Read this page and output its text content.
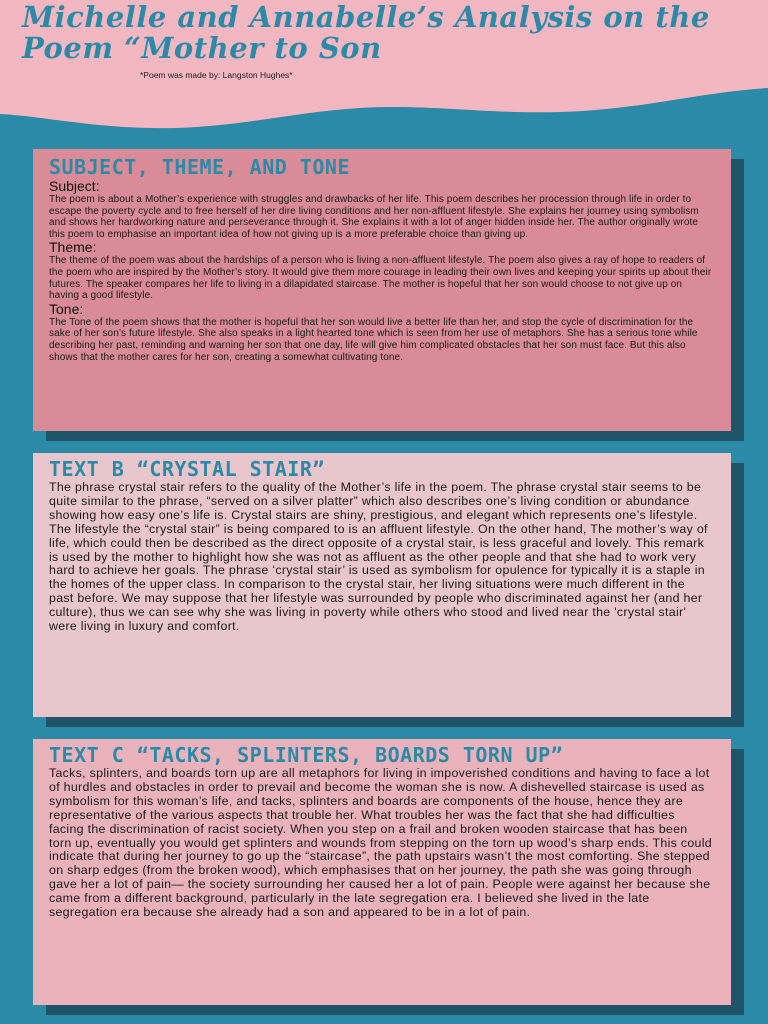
Michelle and Annabelle’s Analysis on the Poem “Mother to Son

*Poem was made by: Langston Hughes*

SUBJECT, THEME, AND TONE

Subject:

The poem is about a Mother’s experience with struggles and drawbacks of her life. This poem describes her procession through life in order to escape the poverty cycle and to free herself of her dire living conditions and her non-affluent lifestyle. She explains her journey using symbolism and shows her hardworking nature and perseverance through it. She explains it with a lot of anger hidden inside her. The author originally wrote this poem to emphasise an important idea of how not giving up is a more preferable choice than giving up.

Theme:

The theme of the poem was about the hardships of a person who is living a non-affluent lifestyle. The poem also gives a ray of hope to readers of the poem who are inspired by the Mother’s story. It would give them more courage in leading their own lives and keeping your spirits up about their futures. The speaker compares her life to living in a dilapidated staircase. The mother is hopeful that her son would choose to not give up on having a good lifestyle.

Tone:

The Tone of the poem shows that the mother is hopeful that her son would live a better life than her, and stop the cycle of discrimination for the sake of her son’s future lifestyle. She also speaks in a light hearted tone which is seen from her use of metaphors. She has a serious tone while describing her past, reminding and warning her son that one day, life will give him complicated obstacles that her son must face. But this also shows that the mother cares for her son, creating a somewhat cultivating tone.

TEXT B “CRYSTAL STAIR”

The phrase crystal stair refers to the quality of the Mother’s life in the poem. The phrase crystal stair seems to be quite similar to the phrase, “served on a silver platter” which also describes one’s living condition or abundance showing how easy one’s life is. Crystal stairs are shiny, prestigious, and elegant which represents one’s lifestyle. The lifestyle the “crystal stair” is being compared to is an affluent lifestyle. On the other hand, The mother’s way of life, which could then be described as the direct opposite of a crystal stair, is less graceful and lovely. This remark is used by the mother to highlight how she was not as affluent as the other people and that she had to work very hard to achieve her goals. The phrase ‘crystal stair’ is used as symbolism for opulence for typically it is a staple in the homes of the upper class. In comparison to the crystal stair, her living situations were much different in the past before. We may suppose that her lifestyle was surrounded by people who discriminated against her (and her culture), thus we can see why she was living in poverty while others who stood and lived near the 'crystal stair' were living in luxury and comfort.

TEXT C “TACKS, SPLINTERS, BOARDS TORN UP”

Tacks, splinters, and boards torn up are all metaphors for living in impoverished conditions and having to face a lot of hurdles and obstacles in order to prevail and become the woman she is now. A dishevelled staircase is used as symbolism for this woman’s life, and tacks, splinters and boards are components of the house, hence they are representative of the various aspects that trouble her. What troubles her was the fact that she had difficulties facing the discrimination of racist society. When you step on a frail and broken wooden staircase that has been torn up, eventually you would get splinters and wounds from stepping on the torn up wood’s sharp ends. This could indicate that during her journey to go up the “staircase”, the path upstairs wasn’t the most comforting. She stepped on sharp edges (from the broken wood), which emphasises that on her journey, the path she was going through gave her a lot of pain— the society surrounding her caused her a lot of pain. People were against her because she came from a different background, particularly in the late segregation era. I believed she lived in the late segregation era because she already had a son and appeared to be in a lot of pain.
